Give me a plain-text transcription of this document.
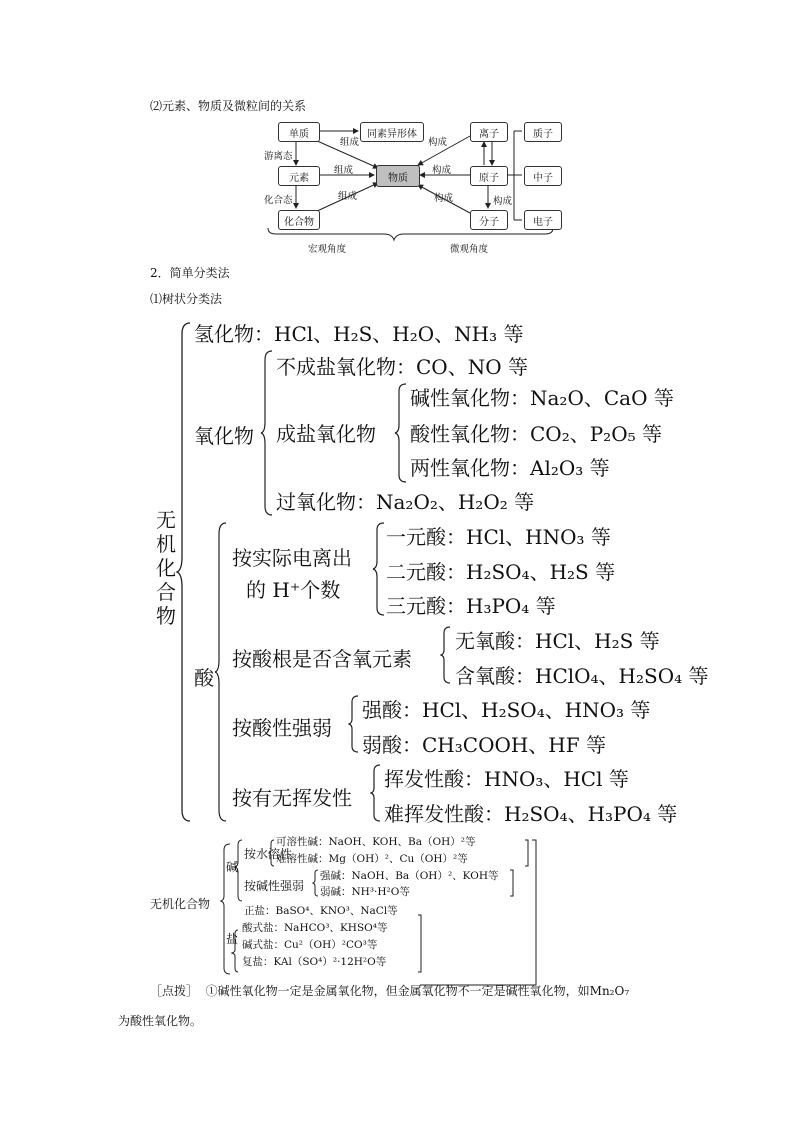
⑵元素、物质及微粒间的关系
单质	同素异形体
元素	物质
化合物
离子
原子
分子
质子
中子
电子
组成
组成
组成
构成
构成
构成	构成
游离态
化合态
宏观角度	微观角度
2．简单分类法
⑴树状分类法
无机化合物
氢化物：HCl、H₂S、H₂O、NH₃ 等
氧化物
不成盐氧化物：CO、NO 等
成盐氧化物
碱性氧化物：Na₂O、CaO 等
酸性氧化物：CO₂、P₂O₅ 等
两性氧化物：Al₂O₃ 等
过氧化物：Na₂O₂、H₂O₂ 等
酸
按实际电离出
的 H⁺个数
一元酸：HCl、HNO₃ 等
二元酸：H₂SO₄、H₂S 等
三元酸：H₃PO₄ 等
按酸根是否含氧元素
无氧酸：HCl、H₂S 等
含氧酸：HClO₄、H₂SO₄ 等
按酸性强弱
强酸：HCl、H₂SO₄、HNO₃ 等
弱酸：CH₃COOH、HF 等
按有无挥发性
挥发性酸：HNO₃、HCl 等
难挥发性酸：H₂SO₄、H₃PO₄ 等
无机化合物
碱
按水溶性
可溶性碱：NaOH、KOH、Ba（OH）²等
难溶性碱：Mg（OH）²、Cu（OH）²等
按碱性强弱
强碱：NaOH、Ba（OH）²、KOH等
弱碱：NH³·H²O等
正盐：BaSO⁴、KNO³、NaCl等
盐
酸式盐：NaHCO³、KHSO⁴等
碱式盐：Cu²（OH）²CO³等
复盐：KAl（SO⁴）²·12H²O等
［点拨］ ①碱性氧化物一定是金属氧化物，但金属氧化物不一定是碱性氧化物，如Mn₂O₇
为酸性氧化物。
